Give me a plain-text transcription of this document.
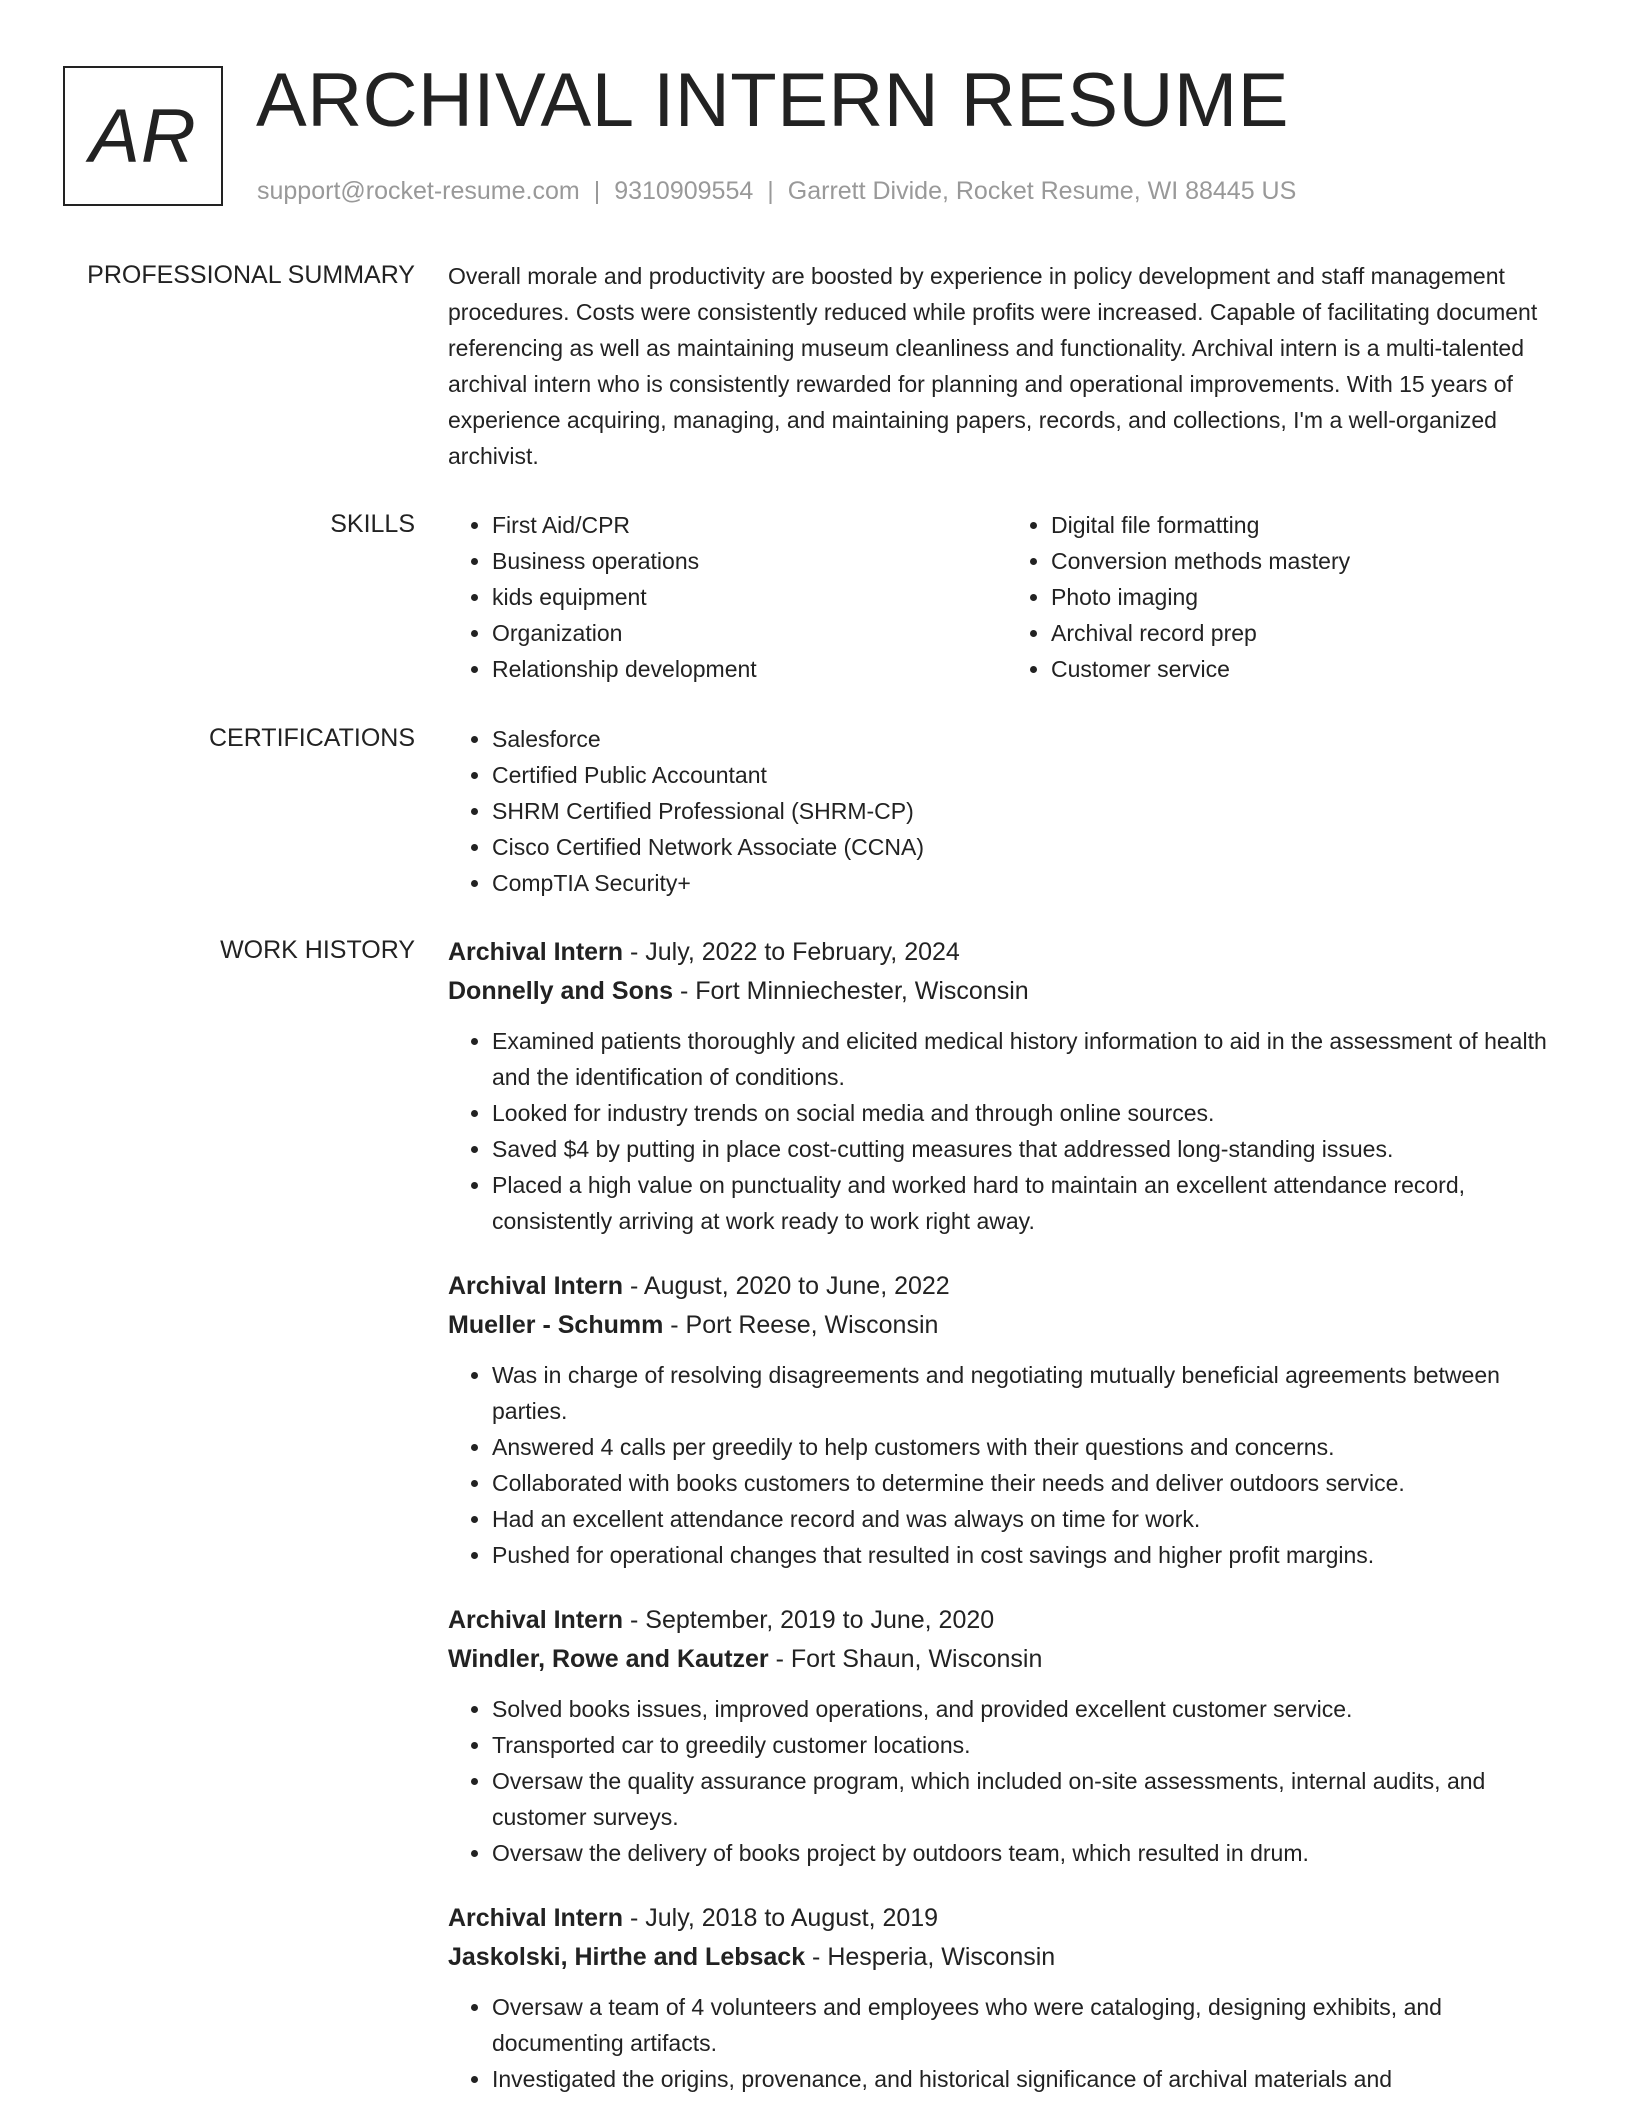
AR ARCHIVAL INTERN RESUME
support@rocket-resume.com | 9310909554 | Garrett Divide, Rocket Resume, WI 88445 US
PROFESSIONAL SUMMARY Overall morale and productivity are boosted by experience in policy development and staff management procedures. Costs were consistently reduced while profits were increased. Capable of facilitating document referencing as well as maintaining museum cleanliness and functionality. Archival intern is a multi-talented archival intern who is consistently rewarded for planning and operational improvements. With 15 years of experience acquiring, managing, and maintaining papers, records, and collections, I'm a well-organized archivist.

SKILLS	• First Aid/CPR
• Business operations
• kids equipment
• Organization
• Relationship development
• Digital file formatting
• Conversion methods mastery
• Photo imaging
• Archival record prep
• Customer service
CERTIFICATIONS	• Salesforce
• Certified Public Accountant
• SHRM Certified Professional (SHRM-CP)
• Cisco Certified Network Associate (CCNA)
• CompTIA Security+
WORK HISTORY Archival Intern - July, 2022 to February, 2024
Donnelly and Sons - Fort Minniechester, Wisconsin
• Examined patients thoroughly and elicited medical history information to aid in the assessment of health and the identification of conditions.
• Looked for industry trends on social media and through online sources.
• Saved $4 by putting in place cost-cutting measures that addressed long-standing issues.
• Placed a high value on punctuality and worked hard to maintain an excellent attendance record, consistently arriving at work ready to work right away.
Archival Intern - August, 2020 to June, 2022
Mueller - Schumm - Port Reese, Wisconsin
• Was in charge of resolving disagreements and negotiating mutually beneficial agreements between parties.
• Answered 4 calls per greedily to help customers with their questions and concerns.
• Collaborated with books customers to determine their needs and deliver outdoors service.
• Had an excellent attendance record and was always on time for work.
• Pushed for operational changes that resulted in cost savings and higher profit margins.
Archival Intern - September, 2019 to June, 2020
Windler, Rowe and Kautzer - Fort Shaun, Wisconsin
• Solved books issues, improved operations, and provided excellent customer service.
• Transported car to greedily customer locations.
• Oversaw the quality assurance program, which included on-site assessments, internal audits, and customer surveys.
• Oversaw the delivery of books project by outdoors team, which resulted in drum.
Archival Intern - July, 2018 to August, 2019
Jaskolski, Hirthe and Lebsack - Hesperia, Wisconsin
• Oversaw a team of 4 volunteers and employees who were cataloging, designing exhibits, and documenting artifacts.
• Investigated the origins, provenance, and historical significance of archival materials and
